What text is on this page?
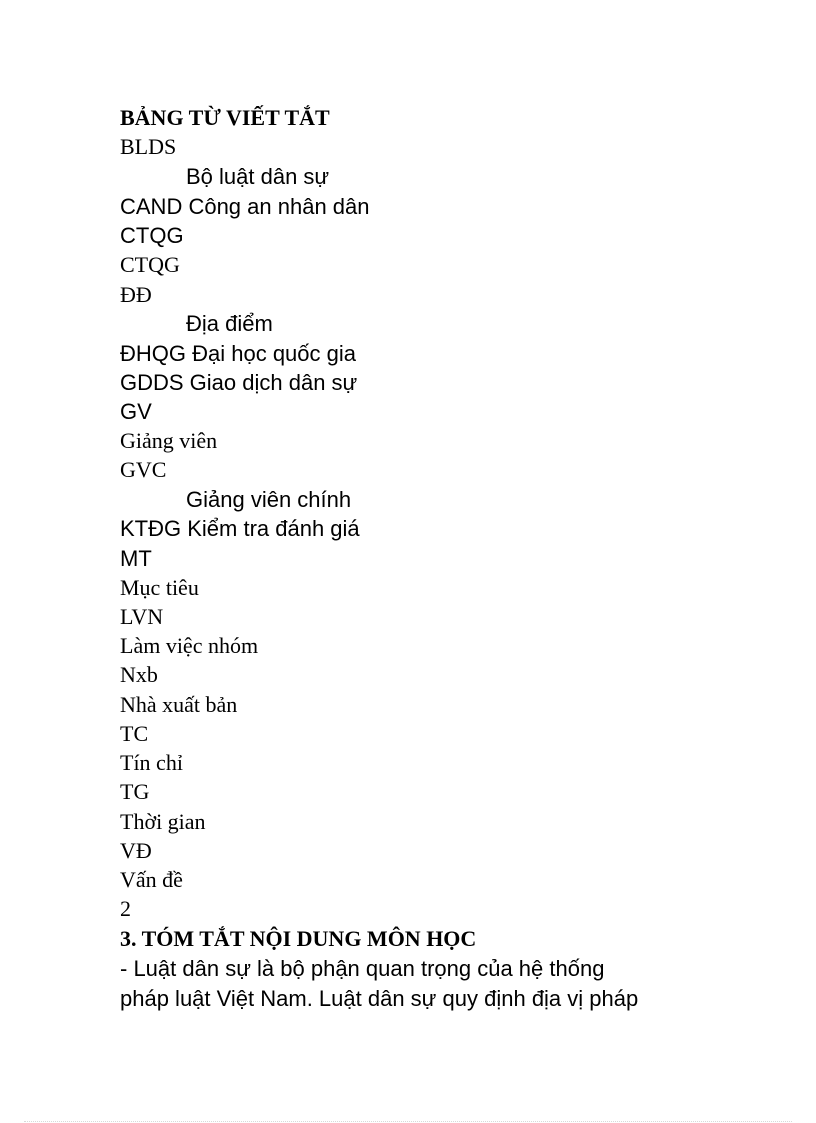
BẢNG TỪ VIẾT TẮT
BLDS
Bộ luật dân sự
CAND Công an nhân dân
CTQG
CTQG
ĐĐ
Địa điểm
ĐHQG Đại học quốc gia
GDDS Giao dịch dân sự
GV
Giảng viên
GVC
Giảng viên chính
KTĐG Kiểm tra đánh giá
MT
Mục tiêu
LVN
Làm việc nhóm
Nxb
Nhà xuất bản
TC
Tín chỉ
TG
Thời gian
VĐ
Vấn đề
2
3. TÓM TẮT NỘI DUNG MÔN HỌC
- Luật dân sự là bộ phận quan trọng của hệ thống
pháp luật Việt Nam. Luật dân sự quy định địa vị pháp
